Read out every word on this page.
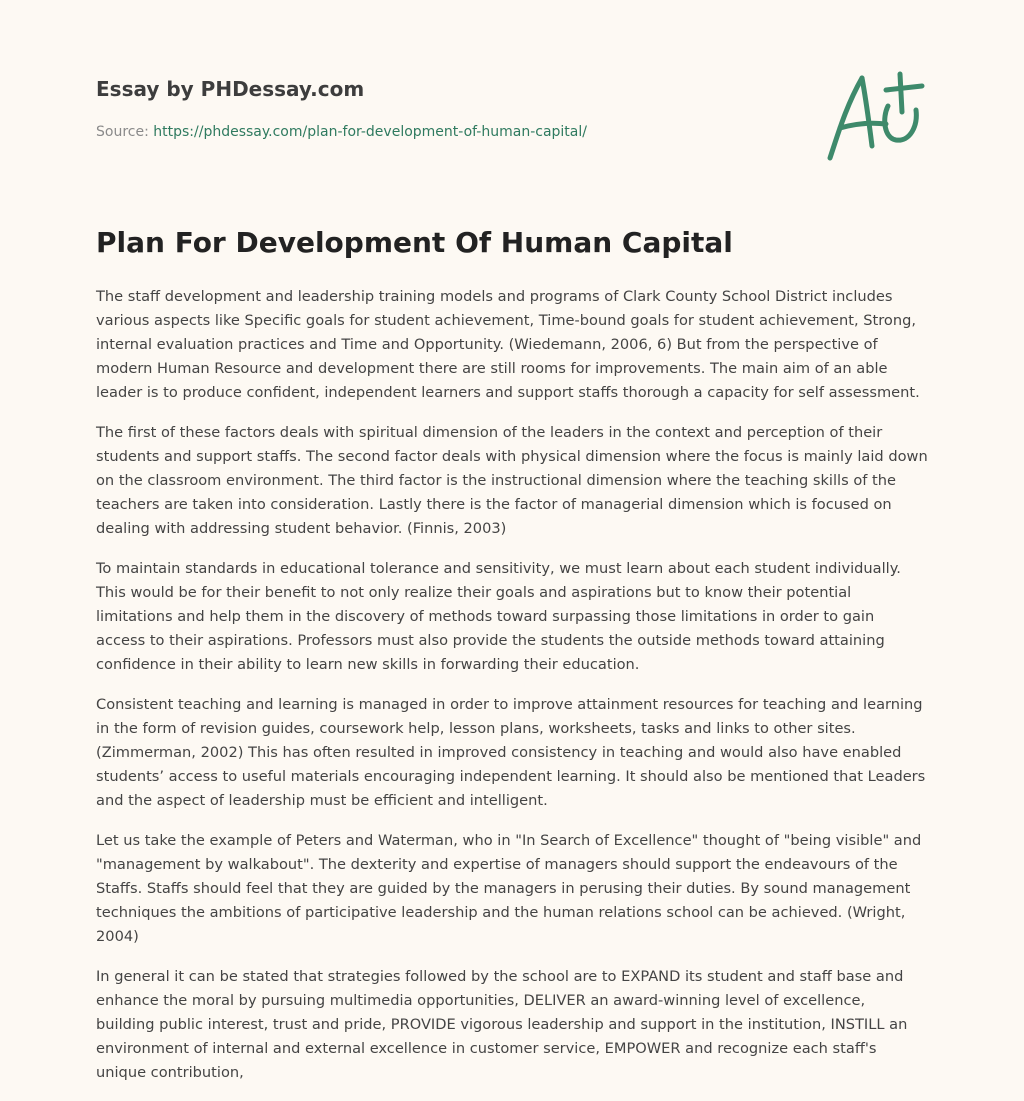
Essay by PHDessay.com
Source: https://phdessay.com/plan-for-development-of-human-capital/
Plan For Development Of Human Capital

The staff development and leadership training models and programs of Clark County School District includes various aspects like Specific goals for student achievement, Time-bound goals for student achievement, Strong, internal evaluation practices and Time and Opportunity. (Wiedemann, 2006, 6) But from the perspective of modern Human Resource and development there are still rooms for improvements. The main aim of an able leader is to produce confident, independent learners and support staffs thorough a capacity for self assessment.

The first of these factors deals with spiritual dimension of the leaders in the context and perception of their students and support staffs. The second factor deals with physical dimension where the focus is mainly laid down on the classroom environment. The third factor is the instructional dimension where the teaching skills of the teachers are taken into consideration. Lastly there is the factor of managerial dimension which is focused on dealing with addressing student behavior. (Finnis, 2003)

To maintain standards in educational tolerance and sensitivity, we must learn about each student individually. This would be for their benefit to not only realize their goals and aspirations but to know their potential limitations and help them in the discovery of methods toward surpassing those limitations in order to gain access to their aspirations. Professors must also provide the students the outside methods toward attaining confidence in their ability to learn new skills in forwarding their education.

Consistent teaching and learning is managed in order to improve attainment resources for teaching and learning in the form of revision guides, coursework help, lesson plans, worksheets, tasks and links to other sites. (Zimmerman, 2002) This has often resulted in improved consistency in teaching and would also have enabled students’ access to useful materials encouraging independent learning. It should also be mentioned that Leaders and the aspect of leadership must be efficient and intelligent.

Let us take the example of Peters and Waterman, who in "In Search of Excellence" thought of "being visible" and "management by walkabout". The dexterity and expertise of managers should support the endeavours of the Staffs. Staffs should feel that they are guided by the managers in perusing their duties. By sound management techniques the ambitions of participative leadership and the human relations school can be achieved. (Wright, 2004)

In general it can be stated that strategies followed by the school are to EXPAND its student and staff base and enhance the moral by pursuing multimedia opportunities, DELIVER an award-winning level of excellence, building public interest, trust and pride, PROVIDE vigorous leadership and support in the institution, INSTILL an environment of internal and external excellence in customer service, EMPOWER and recognize each staff's unique contribution,
